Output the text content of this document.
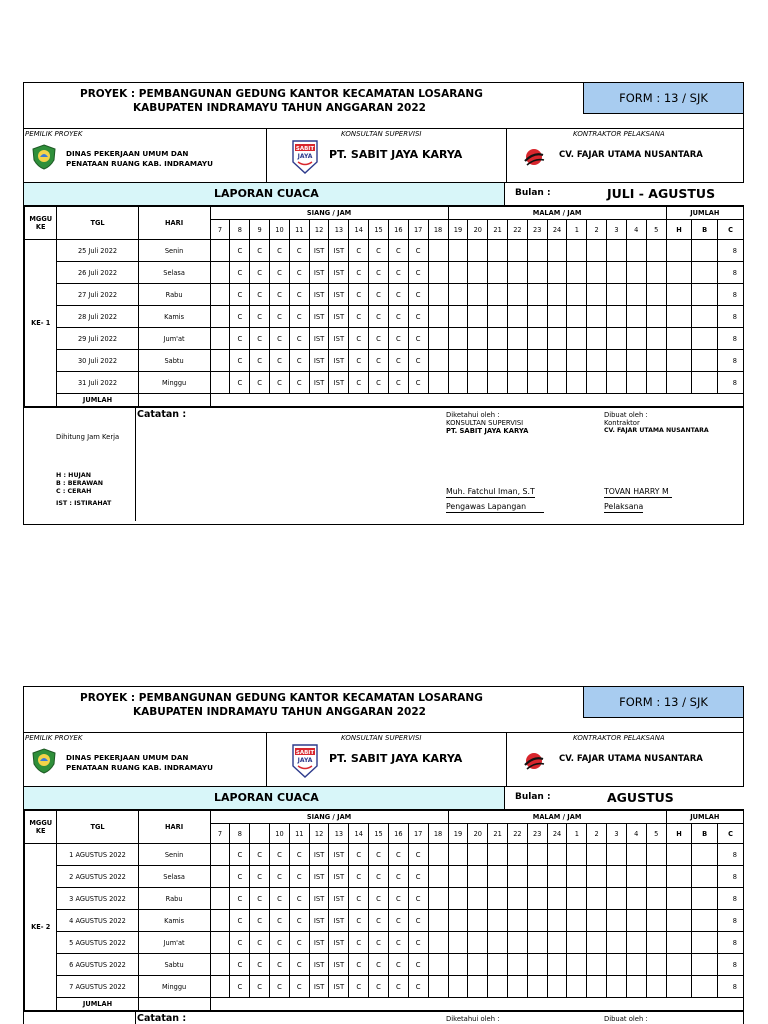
PROYEK : PEMBANGUNAN GEDUNG KANTOR KECAMATAN LOSARANG
KABUPATEN INDRAMAYU TAHUN ANGGARAN 2022
FORM : 13 / SJK
PEMILIK PROYEK
DINAS PEKERJAAN UMUM DAN
PENATAAN RUANG KAB. INDRAMAYU
KONSULTAN SUPERVISI
SABIT
JAYA PT. SABIT JAYA KARYA
KONTRAKTOR PELAKSANA
CV. FAJAR UTAMA NUSANTARA
LAPORAN CUACA	Bulan :	JULI - AGUSTUS
MGGU
KE	TGL	HARI	SIANG / JAM												MALAM / JAM											JUMLAH		
			7	8	9	10	11	12	13	14	15	16	17	18	19	20	21	22	23	24	1	2	3	4	5	H	B	C
KE- 1	25 Juli 2022	Senin		C	C	C	C	IST	IST	C	C	C	C															8
	26 Juli 2022	Selasa		C	C	C	C	IST	IST	C	C	C	C															8
	27 Juli 2022	Rabu		C	C	C	C	IST	IST	C	C	C	C															8
	28 Juli 2022	Kamis		C	C	C	C	IST	IST	C	C	C	C															8
	29 Juli 2022	Jum'at		C	C	C	C	IST	IST	C	C	C	C															8
	30 Juli 2022	Sabtu		C	C	C	C	IST	IST	C	C	C	C															8
	31 Juli 2022	Minggu		C	C	C	C	IST	IST	C	C	C	C															8
	JUMLAH																											
Dihitung Jam Kerja
H : HUJAN
B : BERAWAN
C : CERAH
IST : ISTIRAHAT
Catatan :	Diketahui oleh :
KONSULTAN SUPERVISI
PT. SABIT JAYA KARYA
Muh. Fatchul Iman, S.T
Pengawas Lapangan
Dibuat oleh :
Kontraktor
CV. FAJAR UTAMA NUSANTARA
TOVAN HARRY M
Pelaksana
PROYEK : PEMBANGUNAN GEDUNG KANTOR KECAMATAN LOSARANG
KABUPATEN INDRAMAYU TAHUN ANGGARAN 2022
FORM : 13 / SJK
PEMILIK PROYEK
DINAS PEKERJAAN UMUM DAN
PENATAAN RUANG KAB. INDRAMAYU
KONSULTAN SUPERVISI
SABIT
JAYA PT. SABIT JAYA KARYA
KONTRAKTOR PELAKSANA
CV. FAJAR UTAMA NUSANTARA
LAPORAN CUACA	Bulan :	AGUSTUS
MGGU
KE	TGL	HARI	SIANG / JAM												MALAM / JAM											JUMLAH		
			7	8		10	11	12	13	14	15	16	17	18	19	20	21	22	23	24	1	2	3	4	5	H	B	C
KE- 2	1 AGUSTUS 2022	Senin		C	C	C	C	IST	IST	C	C	C	C															8
	2 AGUSTUS 2022	Selasa		C	C	C	C	IST	IST	C	C	C	C															8
	3 AGUSTUS 2022	Rabu		C	C	C	C	IST	IST	C	C	C	C															8
	4 AGUSTUS 2022	Kamis		C	C	C	C	IST	IST	C	C	C	C															8
	5 AGUSTUS 2022	Jum'at		C	C	C	C	IST	IST	C	C	C	C															8
	6 AGUSTUS 2022	Sabtu		C	C	C	C	IST	IST	C	C	C	C															8
	7 AGUSTUS 2022	Minggu		C	C	C	C	IST	IST	C	C	C	C															8
	JUMLAH																											
Catatan :	Diketahui oleh :	Dibuat oleh :
